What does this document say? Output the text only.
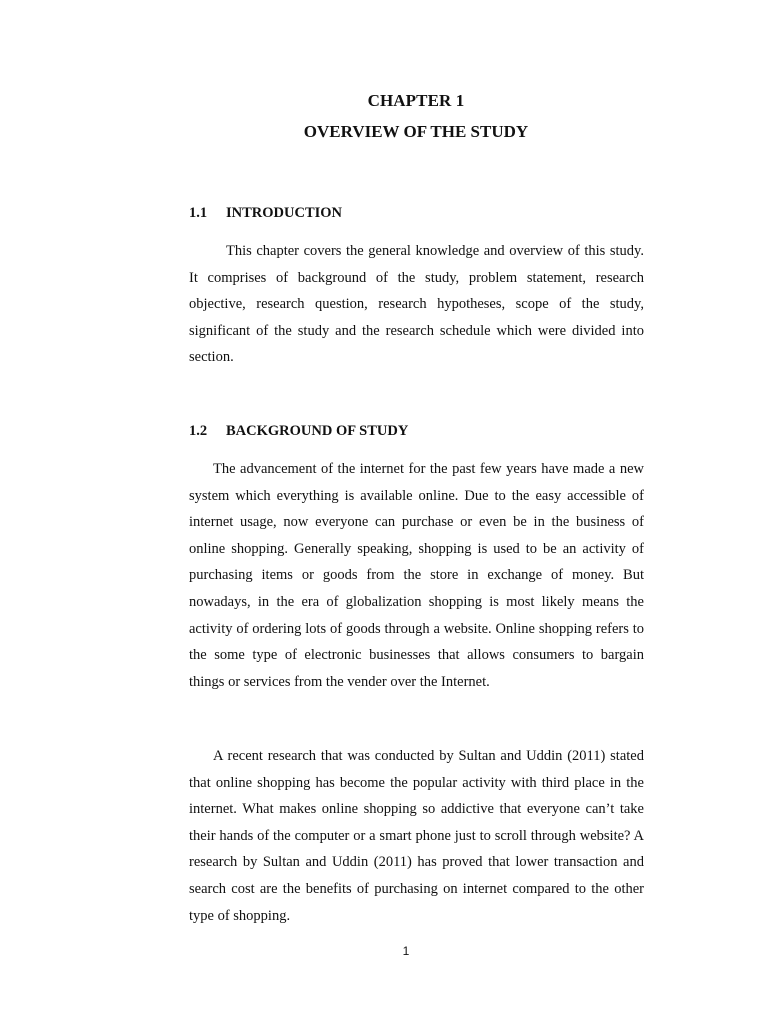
CHAPTER 1
OVERVIEW OF THE STUDY
1.1 INTRODUCTION

This chapter covers the general knowledge and overview of this study. It comprises of background of the study, problem statement, research objective, research question, research hypotheses, scope of the study, significant of the study and the research schedule which were divided into section.

1.2 BACKGROUND OF STUDY

The advancement of the internet for the past few years have made a new system which everything is available online. Due to the easy accessible of internet usage, now everyone can purchase or even be in the business of online shopping. Generally speaking, shopping is used to be an activity of purchasing items or goods from the store in exchange of money. But nowadays, in the era of globalization shopping is most likely means the activity of ordering lots of goods through a website. Online shopping refers to the some type of electronic businesses that allows consumers to bargain things or services from the vender over the Internet.

A recent research that was conducted by Sultan and Uddin (2011) stated that online shopping has become the popular activity with third place in the internet. What makes online shopping so addictive that everyone can’t take their hands of the computer or a smart phone just to scroll through website? A research by Sultan and Uddin (2011) has proved that lower transaction and search cost are the benefits of purchasing on internet compared to the other type of shopping.

1
